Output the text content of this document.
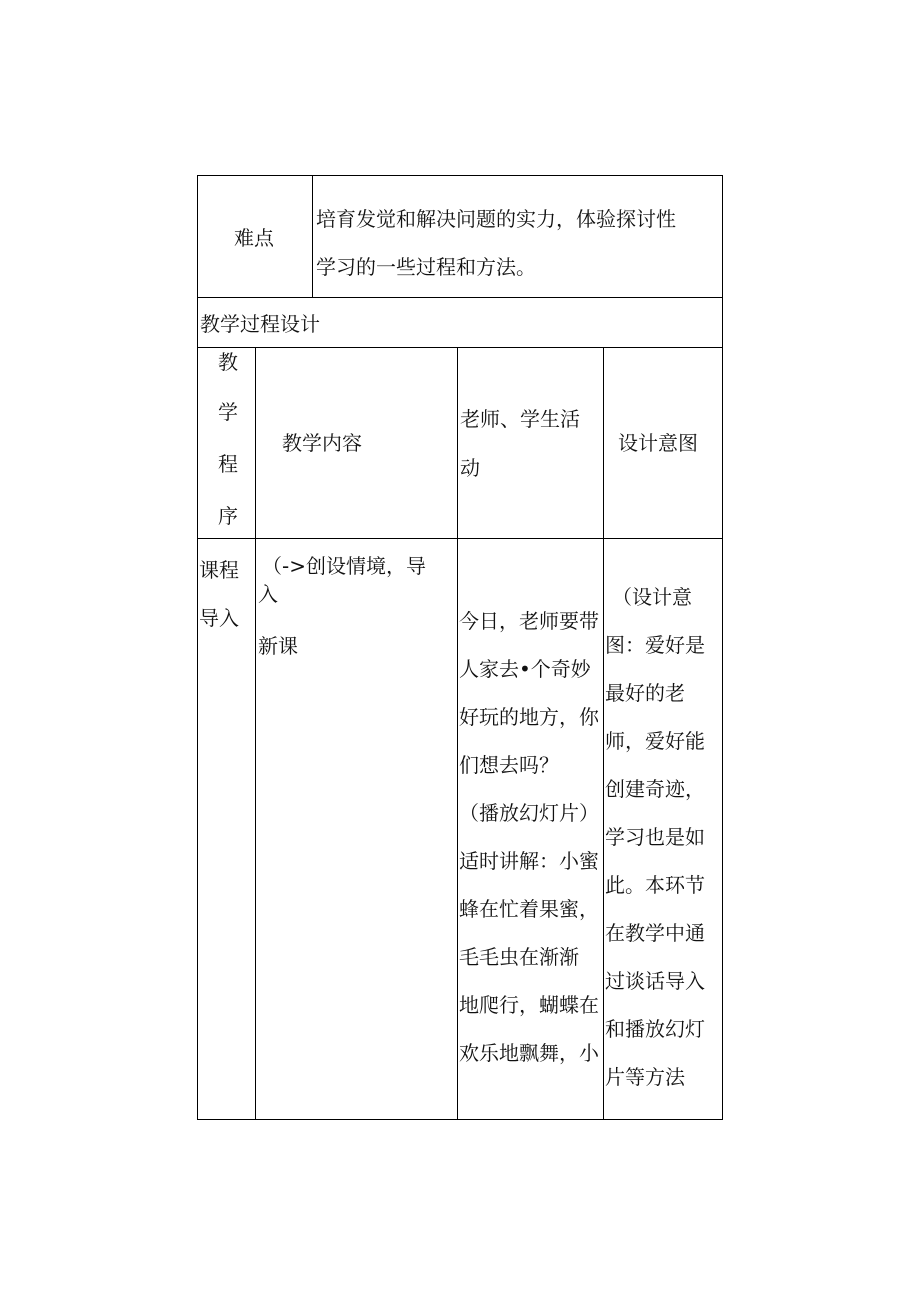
难点
培育发觉和解决问题的实力，体验探讨性
学习的一些过程和方法。
教学过程设计
教
学
程
序
教学内容
老师、学生活
动
设计意图
课程
导入
（->创设情境，导
入
新课
今日，老师要带
人家去•个奇妙
好玩的地方，你
们想去吗？
（播放幻灯片）
适时讲解：小蜜
蜂在忙着果蜜，
毛毛虫在渐渐
地爬行，蝴蝶在
欢乐地飘舞，小
（设计意
图：爱好是
最好的老
师，爱好能
创建奇迹，
学习也是如
此。本环节
在教学中通
过谈话导入
和播放幻灯
片等方法
